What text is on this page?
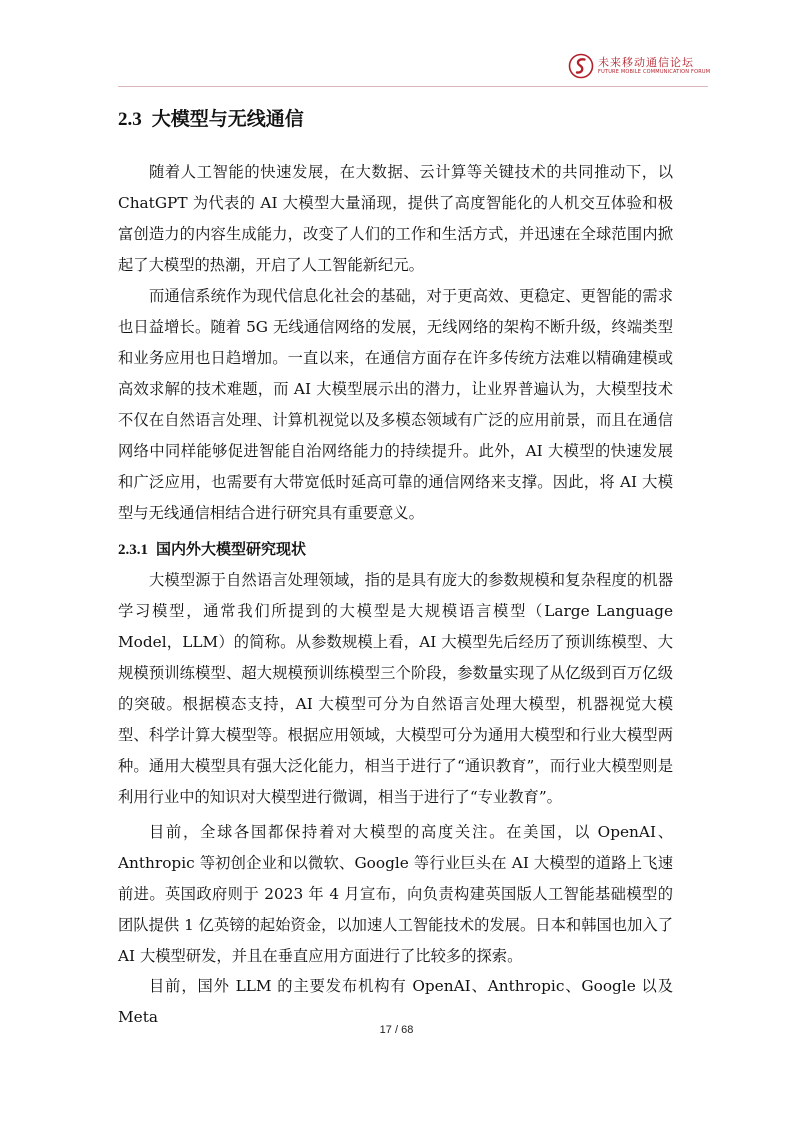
未来移动通信论坛
FUTURE MOBILE COMMUNICATION FORUM
2.3 大模型与无线通信

随着人工智能的快速发展，在大数据、云计算等关键技术的共同推动下，以ChatGPT 为代表的 AI 大模型大量涌现，提供了高度智能化的人机交互体验和极富创造力的内容生成能力，改变了人们的工作和生活方式，并迅速在全球范围内掀起了大模型的热潮，开启了人工智能新纪元。

而通信系统作为现代信息化社会的基础，对于更高效、更稳定、更智能的需求也日益增长。随着 5G 无线通信网络的发展，无线网络的架构不断升级，终端类型和业务应用也日趋增加。一直以来，在通信方面存在许多传统方法难以精确建模或高效求解的技术难题，而 AI 大模型展示出的潜力，让业界普遍认为，大模型技术不仅在自然语言处理、计算机视觉以及多模态领域有广泛的应用前景，而且在通信网络中同样能够促进智能自治网络能力的持续提升。此外，AI 大模型的快速发展和广泛应用，也需要有大带宽低时延高可靠的通信网络来支撑。因此，将 AI 大模型与无线通信相结合进行研究具有重要意义。

2.3.1 国内外大模型研究现状

大模型源于自然语言处理领域，指的是具有庞大的参数规模和复杂程度的机器学习模型，通常我们所提到的大模型是大规模语言模型（Large Language Model，LLM）的简称。从参数规模上看，AI 大模型先后经历了预训练模型、大规模预训练模型、超大规模预训练模型三个阶段，参数量实现了从亿级到百万亿级的突破。根据模态支持，AI 大模型可分为自然语言处理大模型，机器视觉大模型、科学计算大模型等。根据应用领域，大模型可分为通用大模型和行业大模型两种。通用大模型具有强大泛化能力，相当于进行了“通识教育”，而行业大模型则是利用行业中的知识对大模型进行微调，相当于进行了“专业教育”。

目前，全球各国都保持着对大模型的高度关注。在美国，以 OpenAI、Anthropic 等初创企业和以微软、Google 等行业巨头在 AI 大模型的道路上飞速前进。英国政府则于 2023 年 4 月宣布，向负责构建英国版人工智能基础模型的团队提供 1 亿英镑的起始资金，以加速人工智能技术的发展。日本和韩国也加入了 AI 大模型研发，并且在垂直应用方面进行了比较多的探索。

目前，国外 LLM 的主要发布机构有 OpenAI、Anthropic、Google 以及 Meta

17 / 68
